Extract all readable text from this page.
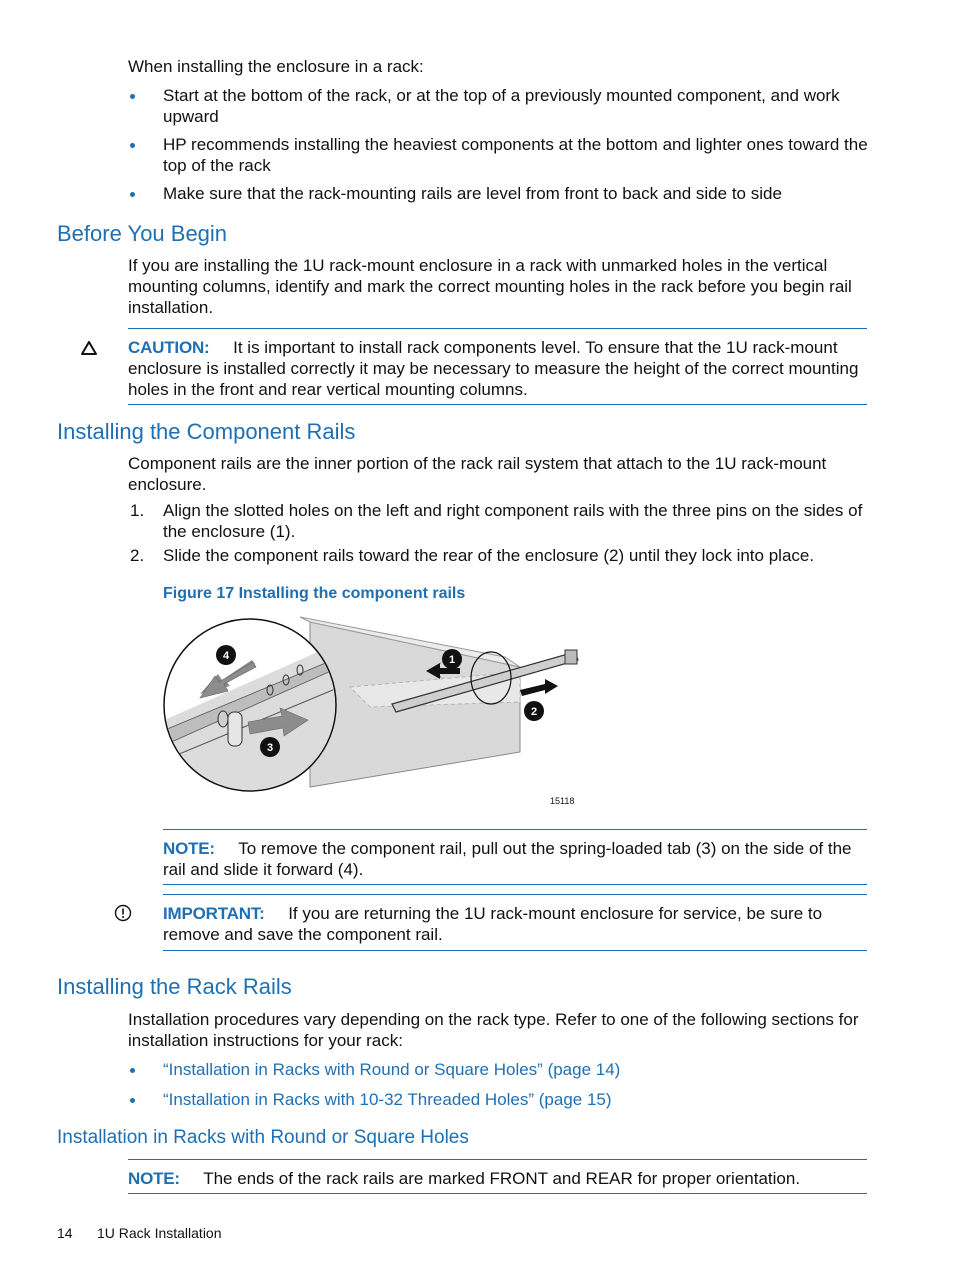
When installing the enclosure in a rack:

Start at the bottom of the rack, or at the top of a previously mounted component, and work upward

HP recommends installing the heaviest components at the bottom and lighter ones toward the top of the rack

Make sure that the rack-mounting rails are level from front to back and side to side

Before You Begin

If you are installing the 1U rack-mount enclosure in a rack with unmarked holes in the vertical mounting columns, identify and mark the correct mounting holes in the rack before you begin rail installation.

CAUTION: It is important to install rack components level. To ensure that the 1U rack-mount enclosure is installed correctly it may be necessary to measure the height of the correct mounting holes in the front and rear vertical mounting columns.

Installing the Component Rails

Component rails are the inner portion of the rack rail system that attach to the 1U rack-mount enclosure.

1. Align the slotted holes on the left and right component rails with the three pins on the sides of the enclosure (1).

2. Slide the component rails toward the rear of the enclosure (2) until they lock into place.

Figure 17 Installing the component rails

4	1
2
3
15118

NOTE: To remove the component rail, pull out the spring-loaded tab (3) on the side of the rail and slide it forward (4).

IMPORTANT: If you are returning the 1U rack-mount enclosure for service, be sure to remove and save the component rail.

Installing the Rack Rails

Installation procedures vary depending on the rack type. Refer to one of the following sections for installation instructions for your rack:

“Installation in Racks with Round or Square Holes” (page 14)

“Installation in Racks with 10-32 Threaded Holes” (page 15)

Installation in Racks with Round or Square Holes

NOTE: The ends of the rack rails are marked FRONT and REAR for proper orientation.

14 1U Rack Installation
